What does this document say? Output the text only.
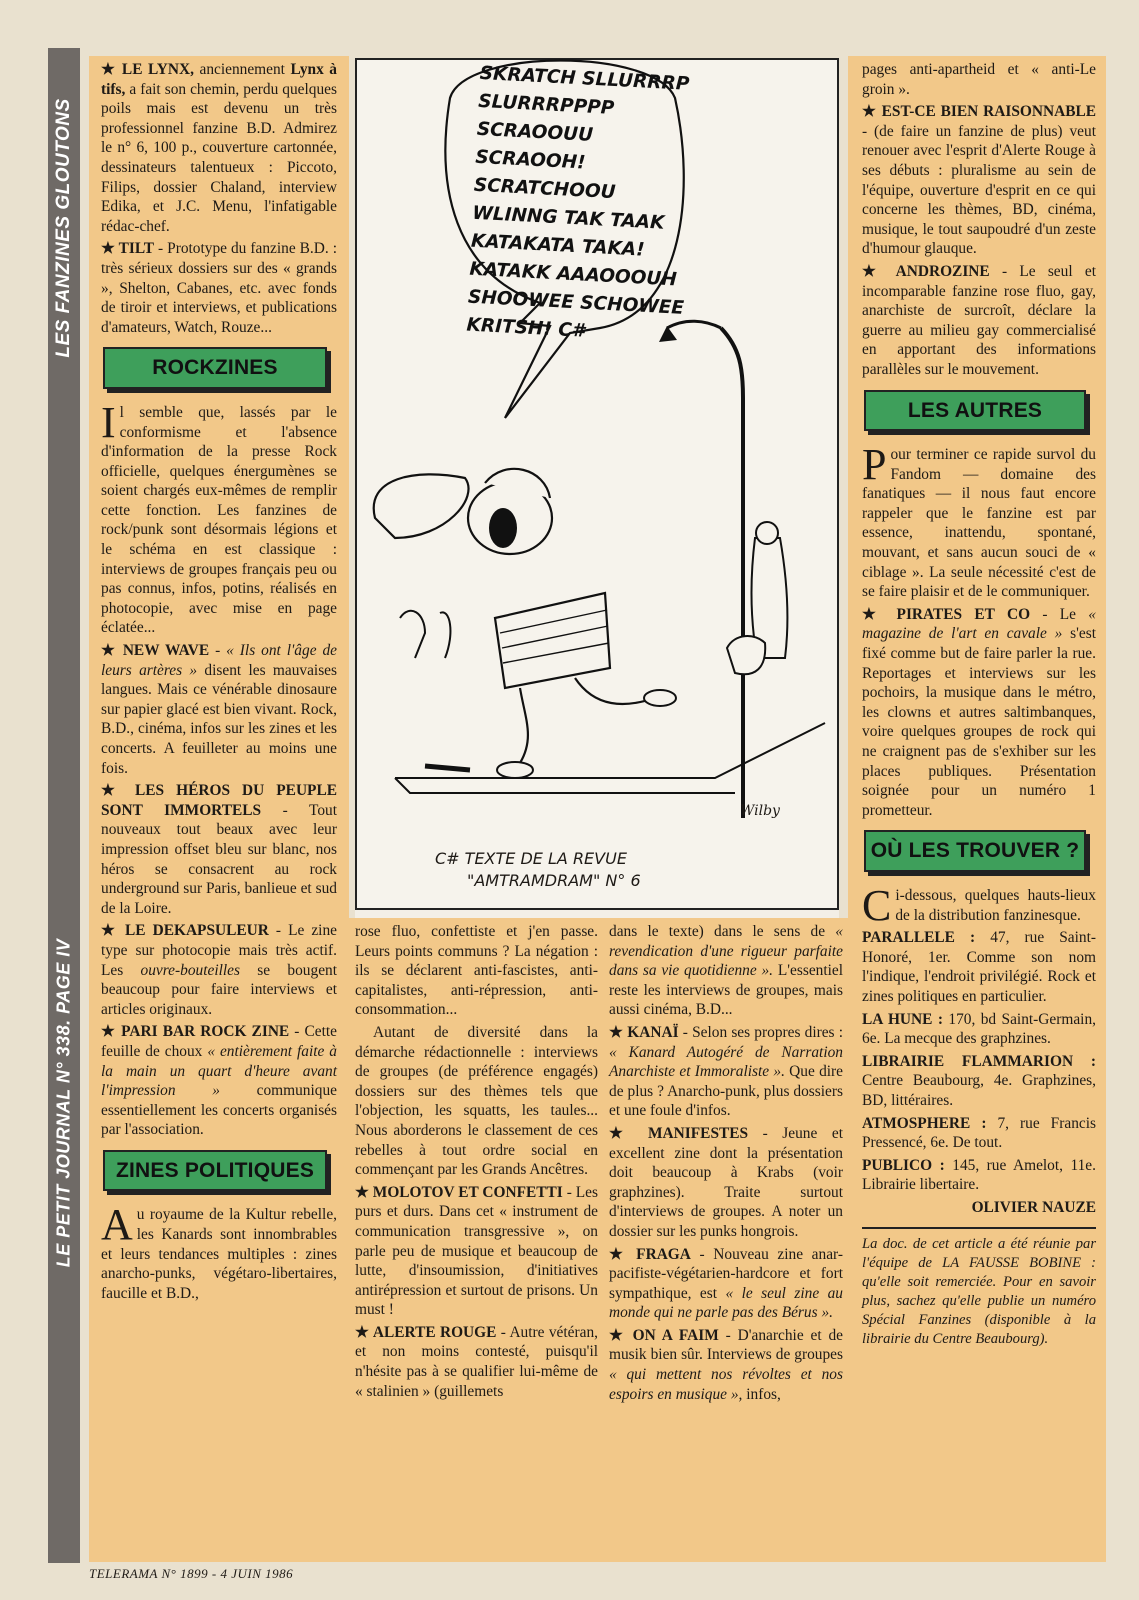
LES FANZINES GLOUTONS
LE PETIT JOURNAL N° 338. PAGE IV

★ LE LYNX, anciennement Lynx à tifs, a fait son chemin, perdu quelques poils mais est devenu un très professionnel fanzine B.D. Admirez le n° 6, 100 p., couverture cartonnée, dessinateurs talentueux : Piccoto, Filips, dossier Chaland, interview Edika, et J.C. Menu, l'infatigable rédac-chef.

★ TILT - Prototype du fanzine B.D. : très sérieux dossiers sur des « grands », Shelton, Cabanes, etc. avec fonds de tiroir et interviews, et publications d'amateurs, Watch, Rouze...

ROCKZINES

Il semble que, lassés par le conformisme et l'absence d'information de la presse Rock officielle, quelques énergumènes se soient chargés eux-mêmes de remplir cette fonction. Les fanzines de rock/punk sont désormais légions et le schéma en est classique : interviews de groupes français peu ou pas connus, infos, potins, réalisés en photocopie, avec mise en page éclatée...

★ NEW WAVE - « Ils ont l'âge de leurs artères » disent les mauvaises langues. Mais ce vénérable dinosaure sur papier glacé est bien vivant. Rock, B.D., cinéma, infos sur les zines et les concerts. A feuilleter au moins une fois.

★ LES HÉROS DU PEUPLE SONT IMMORTELS - Tout nouveaux tout beaux avec leur impression offset bleu sur blanc, nos héros se consacrent au rock underground sur Paris, banlieue et sud de la Loire.

★ LE DEKAPSULEUR - Le zine type sur photocopie mais très actif. Les ouvre-bouteilles se bougent beaucoup pour faire interviews et articles originaux.

★ PARI BAR ROCK ZINE - Cette feuille de choux « entièrement faite à la main un quart d'heure avant l'impression » communique essentiellement les concerts organisés par l'association.

ZINES POLITIQUES

Au royaume de la Kultur rebelle, les Kanards sont innombrables et leurs tendances multiples : zines anarcho-punks, végétaro-libertaires, faucille et B.D.,

SKRATCH SLLURRRP
SLURRRPPPP SCRAOOUU
SCRAOOH! SCRATCHOOU
WLINNG TAK TAAK
KATAKATA TAKA!
KATAKK AAAOOOUH
SHOOWEE SCHOWEE
KRITSH! C#
Wilby
C# TEXTE DE LA REVUE
"AMTRAMDRAM" N° 6

rose fluo, confettiste et j'en passe. Leurs points communs ? La négation : ils se déclarent anti-fascistes, anti-capitalistes, anti-répression, anti-consommation...

Autant de diversité dans la démarche rédactionnelle : interviews de groupes (de préférence engagés) dossiers sur des thèmes tels que l'objection, les squatts, les taules... Nous aborderons le classement de ces rebelles à tout ordre social en commençant par les Grands Ancêtres.

★ MOLOTOV ET CONFETTI - Les purs et durs. Dans cet « instrument de communication transgressive », on parle peu de musique et beaucoup de lutte, d'insoumission, d'initiatives antirépression et surtout de prisons. Un must !

★ ALERTE ROUGE - Autre vétéran, et non moins contesté, puisqu'il n'hésite pas à se qualifier lui-même de « stalinien » (guillemets

dans le texte) dans le sens de « revendication d'une rigueur parfaite dans sa vie quotidienne ». L'essentiel reste les interviews de groupes, mais aussi cinéma, B.D...

★ KANAÏ - Selon ses propres dires : « Kanard Autogéré de Narration Anarchiste et Immoraliste ». Que dire de plus ? Anarcho-punk, plus dossiers et une foule d'infos.

★ MANIFESTES - Jeune et excellent zine dont la présentation doit beaucoup à Krabs (voir graphzines). Traite surtout d'interviews de groupes. A noter un dossier sur les punks hongrois.

★ FRAGA - Nouveau zine anar-pacifiste-végétarien-hardcore et fort sympathique, est « le seul zine au monde qui ne parle pas des Bérus ».

★ ON A FAIM - D'anarchie et de musik bien sûr. Interviews de groupes « qui mettent nos révoltes et nos espoirs en musique », infos,

pages anti-apartheid et « anti-Le groin ».

★ EST-CE BIEN RAISONNABLE - (de faire un fanzine de plus) veut renouer avec l'esprit d'Alerte Rouge à ses débuts : pluralisme au sein de l'équipe, ouverture d'esprit en ce qui concerne les thèmes, BD, cinéma, musique, le tout saupoudré d'un zeste d'humour glauque.

★ ANDROZINE - Le seul et incomparable fanzine rose fluo, gay, anarchiste de surcroît, déclare la guerre au milieu gay commercialisé en apportant des informations parallèles sur le mouvement.

LES AUTRES

Pour terminer ce rapide survol du Fandom — domaine des fanatiques — il nous faut encore rappeler que le fanzine est par essence, inattendu, spontané, mouvant, et sans aucun souci de « ciblage ». La seule nécessité c'est de se faire plaisir et de le communiquer.

★ PIRATES ET CO - Le « magazine de l'art en cavale » s'est fixé comme but de faire parler la rue. Reportages et interviews sur les pochoirs, la musique dans le métro, les clowns et autres saltimbanques, voire quelques groupes de rock qui ne craignent pas de s'exhiber sur les places publiques. Présentation soignée pour un numéro 1 prometteur.

OÙ LES TROUVER ?

Ci-dessous, quelques hauts-lieux de la distribution fanzinesque.

PARALLELE : 47, rue Saint-Honoré, 1er. Comme son nom l'indique, l'endroit privilégié. Rock et zines politiques en particulier.

LA HUNE : 170, bd Saint-Germain, 6e. La mecque des graphzines.

LIBRAIRIE FLAMMARION : Centre Beaubourg, 4e. Graphzines, BD, littéraires.

ATMOSPHERE : 7, rue Francis Pressencé, 6e. De tout.

PUBLICO : 145, rue Amelot, 11e. Librairie libertaire.

OLIVIER NAUZE

La doc. de cet article a été réunie par l'équipe de LA FAUSSE BOBINE : qu'elle soit remerciée. Pour en savoir plus, sachez qu'elle publie un numéro Spécial Fanzines (disponible à la librairie du Centre Beaubourg).
TELERAMA N° 1899 - 4 JUIN 1986
